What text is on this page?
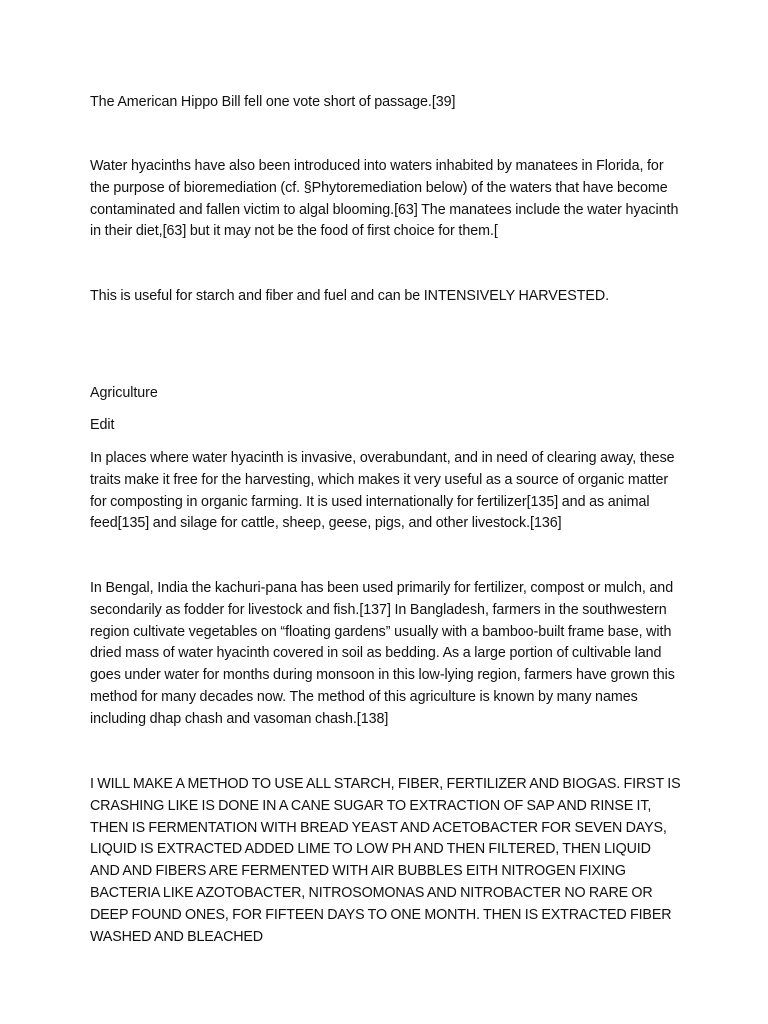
The American Hippo Bill fell one vote short of passage.[39]

Water hyacinths have also been introduced into waters inhabited by manatees in Florida, for the purpose of bioremediation (cf. §Phytoremediation below) of the waters that have become contaminated and fallen victim to algal blooming.[63] The manatees include the water hyacinth in their diet,[63] but it may not be the food of first choice for them.[

This is useful for starch and fiber and fuel and can be INTENSIVELY HARVESTED.

Agriculture

Edit

In places where water hyacinth is invasive, overabundant, and in need of clearing away, these traits make it free for the harvesting, which makes it very useful as a source of organic matter for composting in organic farming. It is used internationally for fertilizer[135] and as animal feed[135] and silage for cattle, sheep, geese, pigs, and other livestock.[136]

In Bengal, India the kachuri-pana has been used primarily for fertilizer, compost or mulch, and secondarily as fodder for livestock and fish.[137] In Bangladesh, farmers in the southwestern region cultivate vegetables on “floating gardens” usually with a bamboo-built frame base, with dried mass of water hyacinth covered in soil as bedding. As a large portion of cultivable land goes under water for months during monsoon in this low-lying region, farmers have grown this method for many decades now. The method of this agriculture is known by many names including dhap chash and vasoman chash.[138]

I WILL MAKE A METHOD TO USE ALL STARCH, FIBER, FERTILIZER AND BIOGAS. FIRST IS CRASHING LIKE IS DONE IN A CANE SUGAR TO EXTRACTION OF SAP AND RINSE IT, THEN IS FERMENTATION WITH BREAD YEAST AND ACETOBACTER FOR SEVEN DAYS, LIQUID IS EXTRACTED ADDED LIME TO LOW PH AND THEN FILTERED, THEN LIQUID AND AND FIBERS ARE FERMENTED WITH AIR BUBBLES EITH NITROGEN FIXING BACTERIA LIKE AZOTOBACTER, NITROSOMONAS AND NITROBACTER NO RARE OR DEEP FOUND ONES, FOR FIFTEEN DAYS TO ONE MONTH. THEN IS EXTRACTED FIBER WASHED AND BLEACHED
